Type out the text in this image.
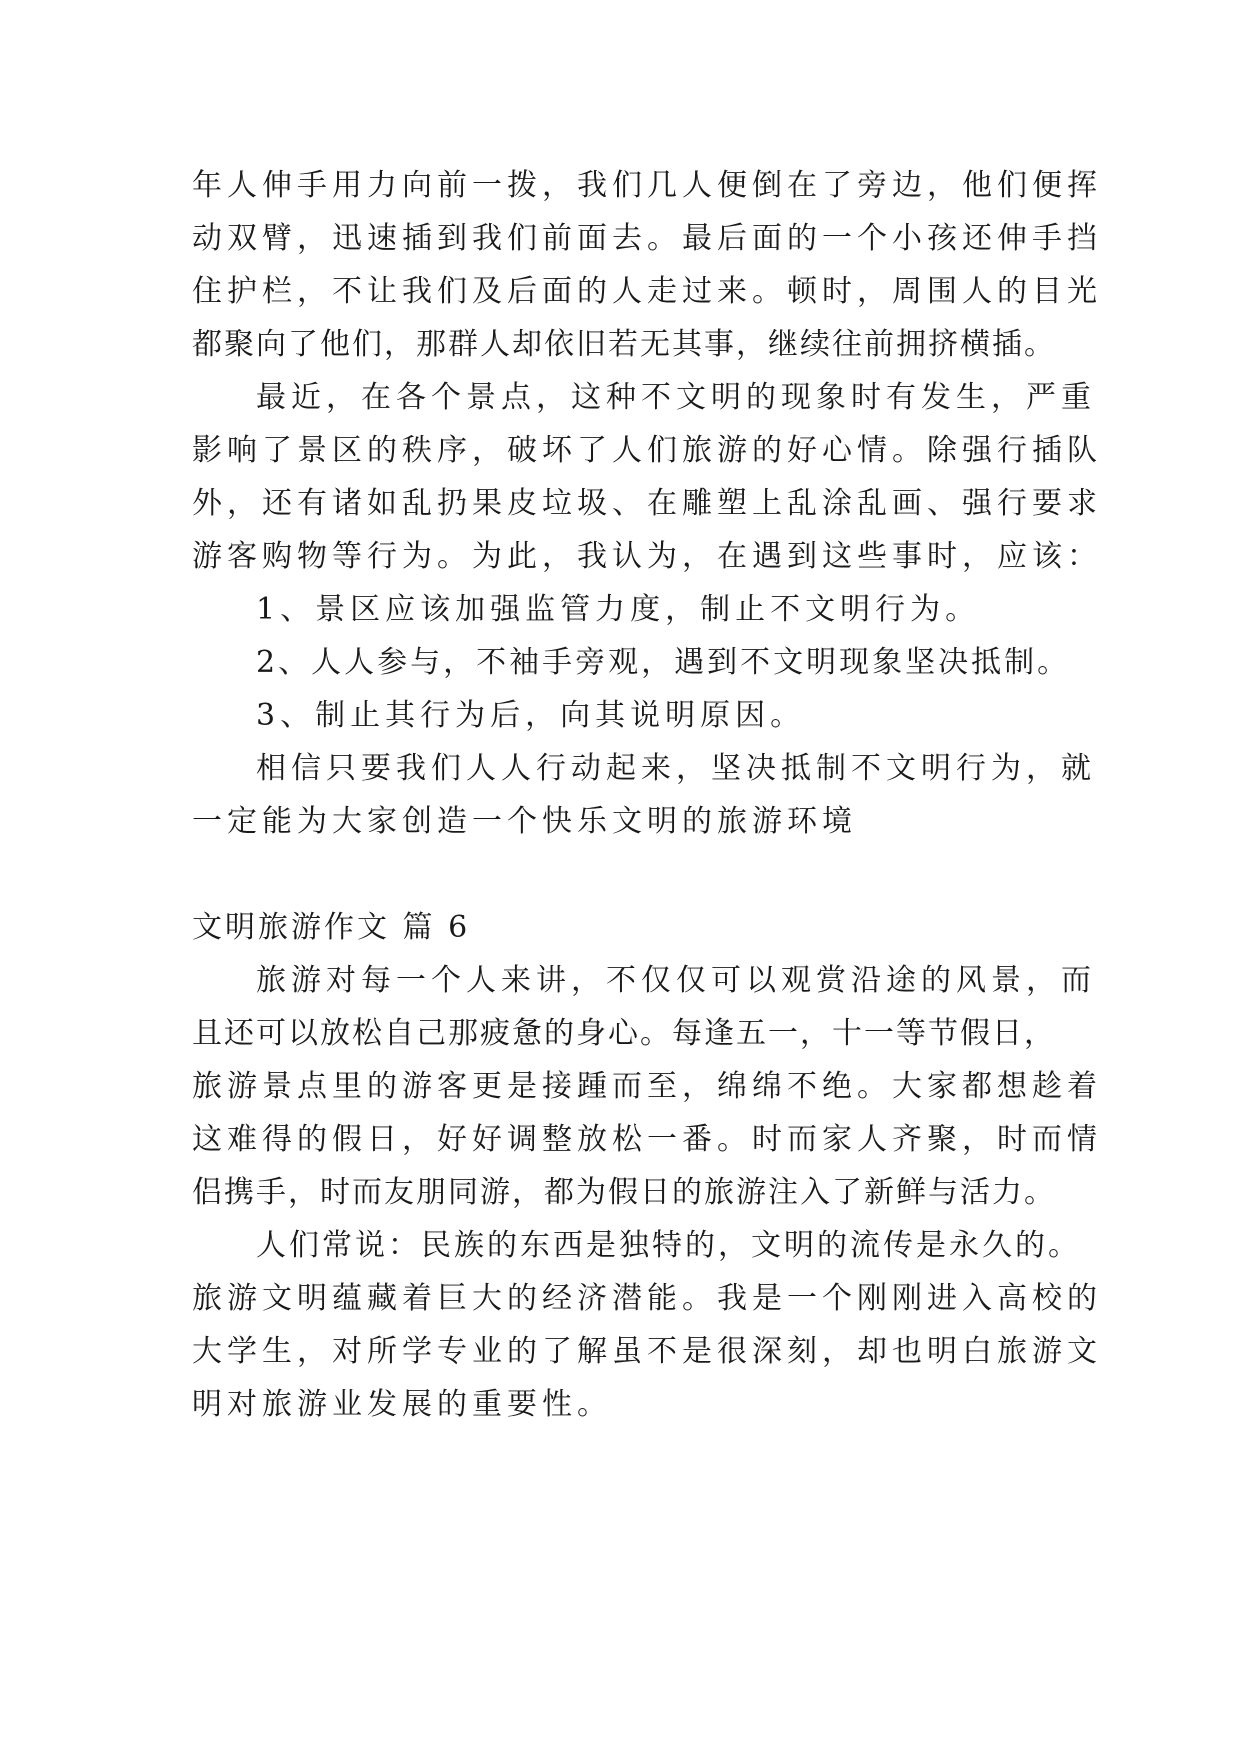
年人伸手用力向前一拨，我们几人便倒在了旁边，他们便挥
动双臂，迅速插到我们前面去。最后面的一个小孩还伸手挡
住护栏，不让我们及后面的人走过来。顿时，周围人的目光
都聚向了他们，那群人却依旧若无其事，继续往前拥挤横插。
最近，在各个景点，这种不文明的现象时有发生，严重
影响了景区的秩序，破坏了人们旅游的好心情。除强行插队
外，还有诸如乱扔果皮垃圾、在雕塑上乱涂乱画、强行要求
游客购物等行为。为此，我认为，在遇到这些事时，应该：
1、景区应该加强监管力度，制止不文明行为。
2、人人参与，不袖手旁观，遇到不文明现象坚决抵制。
3、制止其行为后，向其说明原因。
相信只要我们人人行动起来，坚决抵制不文明行为，就
一定能为大家创造一个快乐文明的旅游环境
文明旅游作文 篇 6
旅游对每一个人来讲，不仅仅可以观赏沿途的风景，而
且还可以放松自己那疲惫的身心。每逢五一，十一等节假日，
旅游景点里的游客更是接踵而至，绵绵不绝。大家都想趁着
这难得的假日，好好调整放松一番。时而家人齐聚，时而情
侣携手，时而友朋同游，都为假日的旅游注入了新鲜与活力。
人们常说：民族的东西是独特的，文明的流传是永久的。
旅游文明蕴藏着巨大的经济潜能。我是一个刚刚进入高校的
大学生，对所学专业的了解虽不是很深刻，却也明白旅游文
明对旅游业发展的重要性。
